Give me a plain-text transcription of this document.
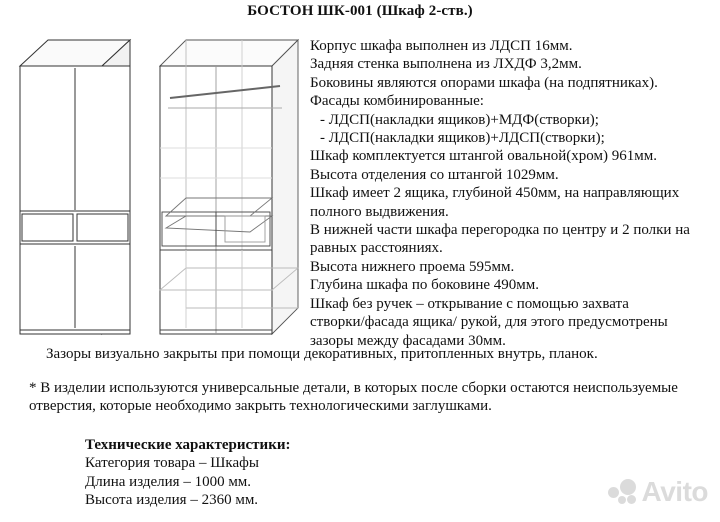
БОСТОН ШК-001 (Шкаф 2-ств.)
Корпус шкафа выполнен из ЛДСП 16мм.
Задняя стенка выполнена из ЛХДФ 3,2мм.
Боковины являются опорами шкафа (на подпятниках).
Фасады комбинированные:
- ЛДСП(накладки ящиков)+МДФ(створки);
- ЛДСП(накладки ящиков)+ЛДСП(створки);
Шкаф комплектуется штангой овальной(хром) 961мм.
Высота отделения со штангой 1029мм.
Шкаф имеет 2 ящика, глубиной 450мм, на направляющих
полного выдвижения.
В нижней части шкафа перегородка по центру и 2 полки на
равных расстояниях.
Высота нижнего проема 595мм.
Глубина шкафа по боковине 490мм.
Шкаф без ручек – открывание с помощью захвата
створки/фасада ящика/ рукой, для этого предусмотрены
зазоры между фасадами 30мм.
Зазоры визуально закрыты при помощи декоративных, притопленных внутрь, планок.
* В изделии используются универсальные детали, в которых после сборки остаются неиспользуемые
отверстия, которые необходимо закрыть технологическими заглушками.
Технические характеристики:
Категория товара – Шкафы
Длина изделия – 1000 мм.
Высота изделия – 2360 мм.	Avito
